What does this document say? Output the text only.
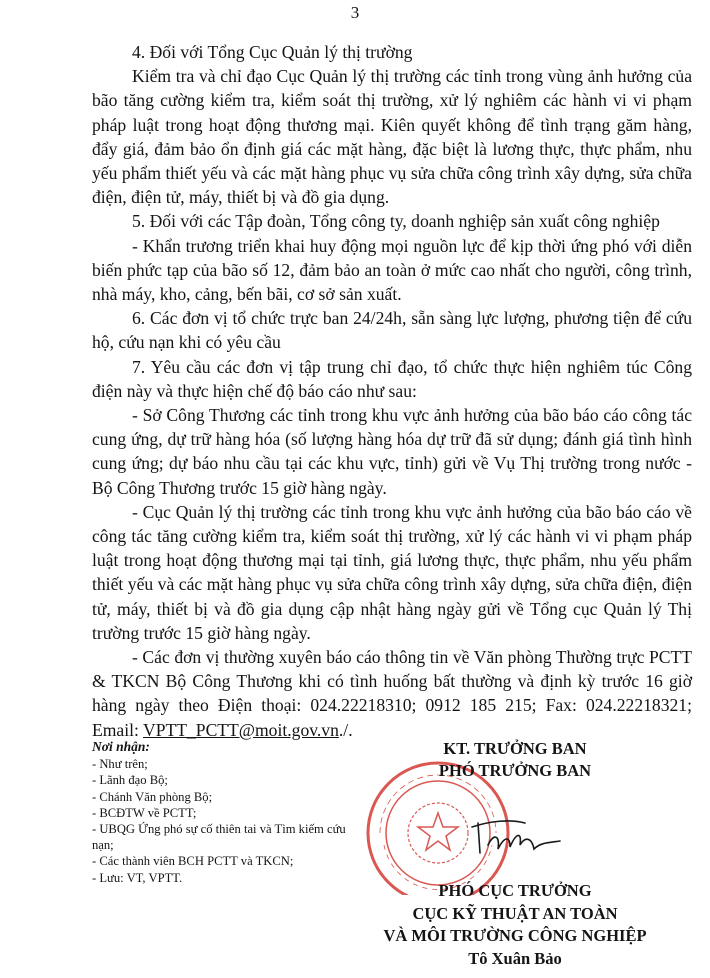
3

4. Đối với Tổng Cục Quản lý thị trường

Kiểm tra và chỉ đạo Cục Quản lý thị trường các tỉnh trong vùng ảnh hưởng của bão tăng cường kiểm tra, kiểm soát thị trường, xử lý nghiêm các hành vi vi phạm pháp luật trong hoạt động thương mại. Kiên quyết không để tình trạng găm hàng, đẩy giá, đảm bảo ổn định giá các mặt hàng, đặc biệt là lương thực, thực phẩm, nhu yếu phẩm thiết yếu và các mặt hàng phục vụ sửa chữa công trình xây dựng, sửa chữa điện, điện tử, máy, thiết bị và đồ gia dụng.

5. Đối với các Tập đoàn, Tổng công ty, doanh nghiệp sản xuất công nghiệp

- Khẩn trương triển khai huy động mọi nguồn lực để kịp thời ứng phó với diễn biến phức tạp của bão số 12, đảm bảo an toàn ở mức cao nhất cho người, công trình, nhà máy, kho, cảng, bến bãi, cơ sở sản xuất.

6. Các đơn vị tổ chức trực ban 24/24h, sẵn sàng lực lượng, phương tiện để cứu hộ, cứu nạn khi có yêu cầu

7. Yêu cầu các đơn vị tập trung chỉ đạo, tổ chức thực hiện nghiêm túc Công điện này và thực hiện chế độ báo cáo như sau:

- Sở Công Thương các tỉnh trong khu vực ảnh hưởng của bão báo cáo công tác cung ứng, dự trữ hàng hóa (số lượng hàng hóa dự trữ đã sử dụng; đánh giá tình hình cung ứng; dự báo nhu cầu tại các khu vực, tỉnh) gửi về Vụ Thị trường trong nước - Bộ Công Thương trước 15 giờ hàng ngày.

- Cục Quản lý thị trường các tỉnh trong khu vực ảnh hưởng của bão báo cáo về công tác tăng cường kiểm tra, kiểm soát thị trường, xử lý các hành vi vi phạm pháp luật trong hoạt động thương mại tại tỉnh, giá lương thực, thực phẩm, nhu yếu phẩm thiết yếu và các mặt hàng phục vụ sửa chữa công trình xây dựng, sửa chữa điện, điện tử, máy, thiết bị và đồ gia dụng cập nhật hàng ngày gửi về Tổng cục Quản lý Thị trường trước 15 giờ hàng ngày.

- Các đơn vị thường xuyên báo cáo thông tin về Văn phòng Thường trực PCTT & TKCN Bộ Công Thương khi có tình huống bất thường và định kỳ trước 16 giờ hàng ngày theo Điện thoại: 024.22218310; 0912 185 215; Fax: 024.22218321; Email: VPTT_PCTT@moit.gov.vn./.

Nơi nhận:
- Như trên;
- Lãnh đạo Bộ;
- Chánh Văn phòng Bộ;
- BCĐTW về PCTT;
- UBQG Ứng phó sự cố thiên tai và Tìm kiếm cứu nạn;
- Các thành viên BCH PCTT và TKCN;
- Lưu: VT, VPTT.
KT. TRƯỞNG BAN
PHÓ TRƯỞNG BAN
PHÓ CỤC TRƯỞNG
CỤC KỸ THUẬT AN TOÀN
VÀ MÔI TRƯỜNG CÔNG NGHIỆP
Tô Xuân Bảo
